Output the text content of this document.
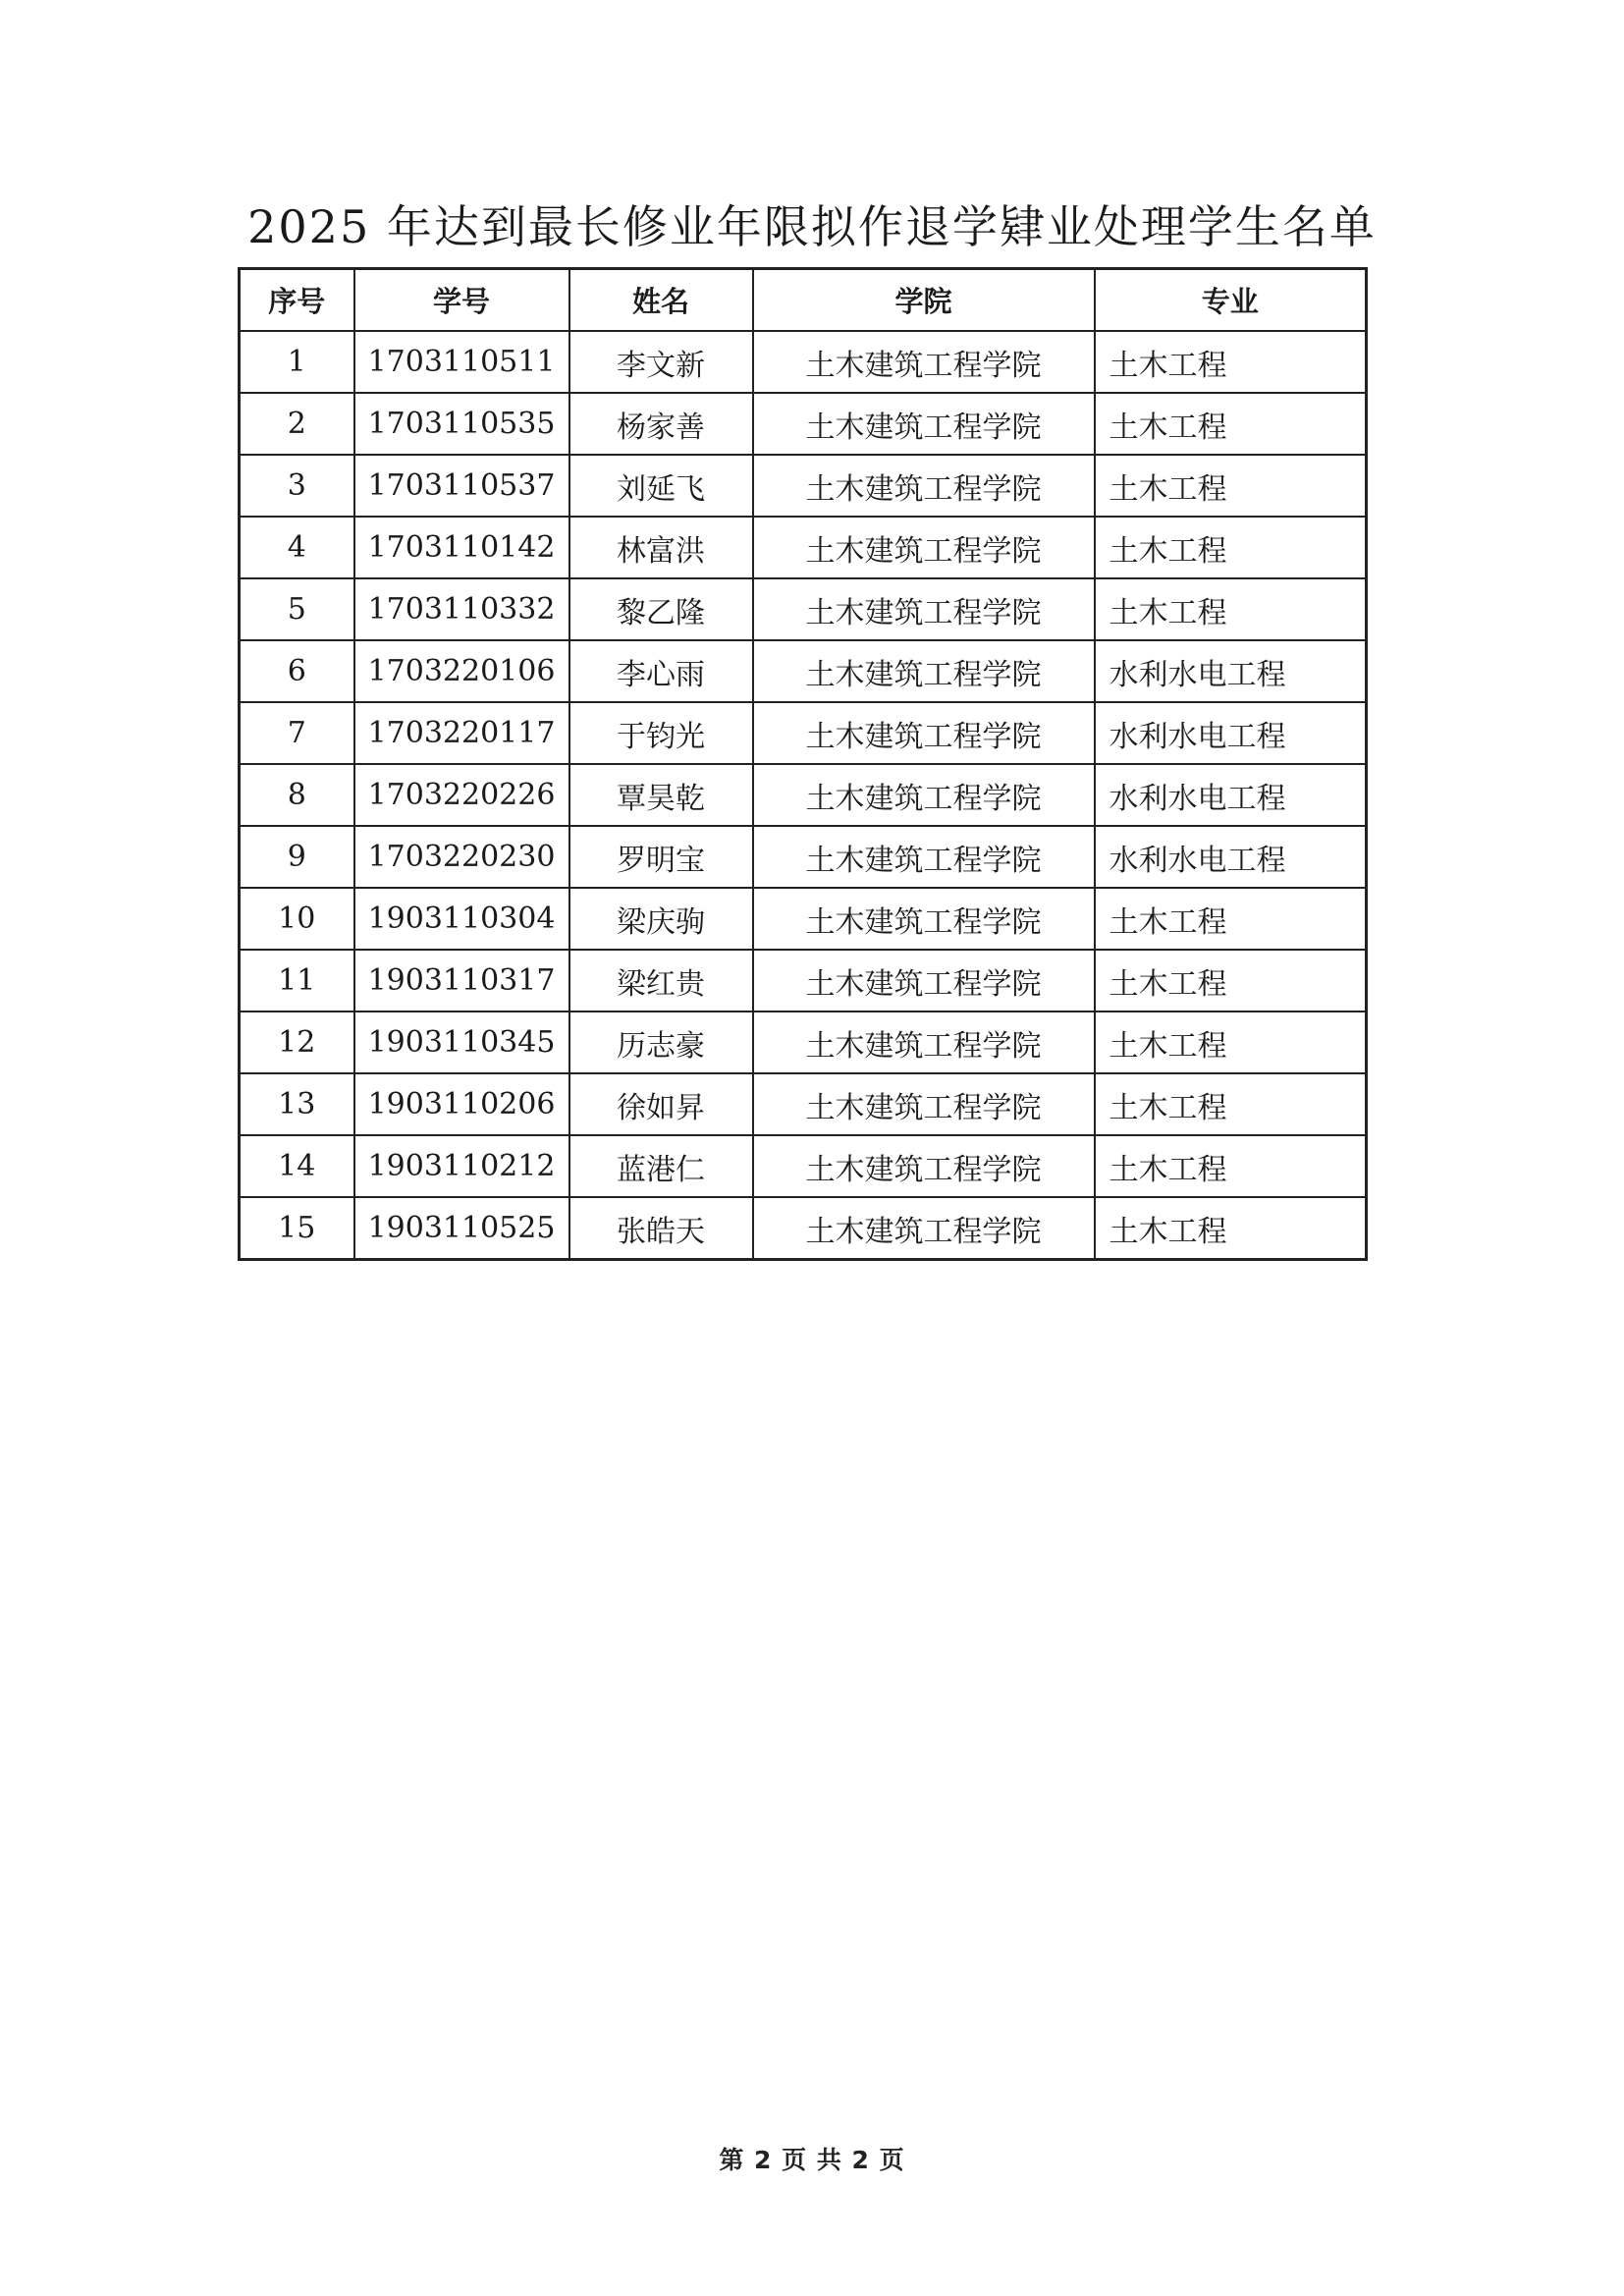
2025 年达到最长修业年限拟作退学肄业处理学生名单
序号	学号	姓名	学院	专业
1	1703110511	李文新	土木建筑工程学院	土木工程
2	1703110535	杨家善	土木建筑工程学院	土木工程
3	1703110537	刘延飞	土木建筑工程学院	土木工程
4	1703110142	林富洪	土木建筑工程学院	土木工程
5	1703110332	黎乙隆	土木建筑工程学院	土木工程
6	1703220106	李心雨	土木建筑工程学院	水利水电工程
7	1703220117	于钧光	土木建筑工程学院	水利水电工程
8	1703220226	覃昊乾	土木建筑工程学院	水利水电工程
9	1703220230	罗明宝	土木建筑工程学院	水利水电工程
10	1903110304	梁庆驹	土木建筑工程学院	土木工程
11	1903110317	梁红贵	土木建筑工程学院	土木工程
12	1903110345	历志豪	土木建筑工程学院	土木工程
13	1903110206	徐如昇	土木建筑工程学院	土木工程
14	1903110212	蓝港仁	土木建筑工程学院	土木工程
15	1903110525	张皓天	土木建筑工程学院	土木工程
第 2 页 共 2 页
